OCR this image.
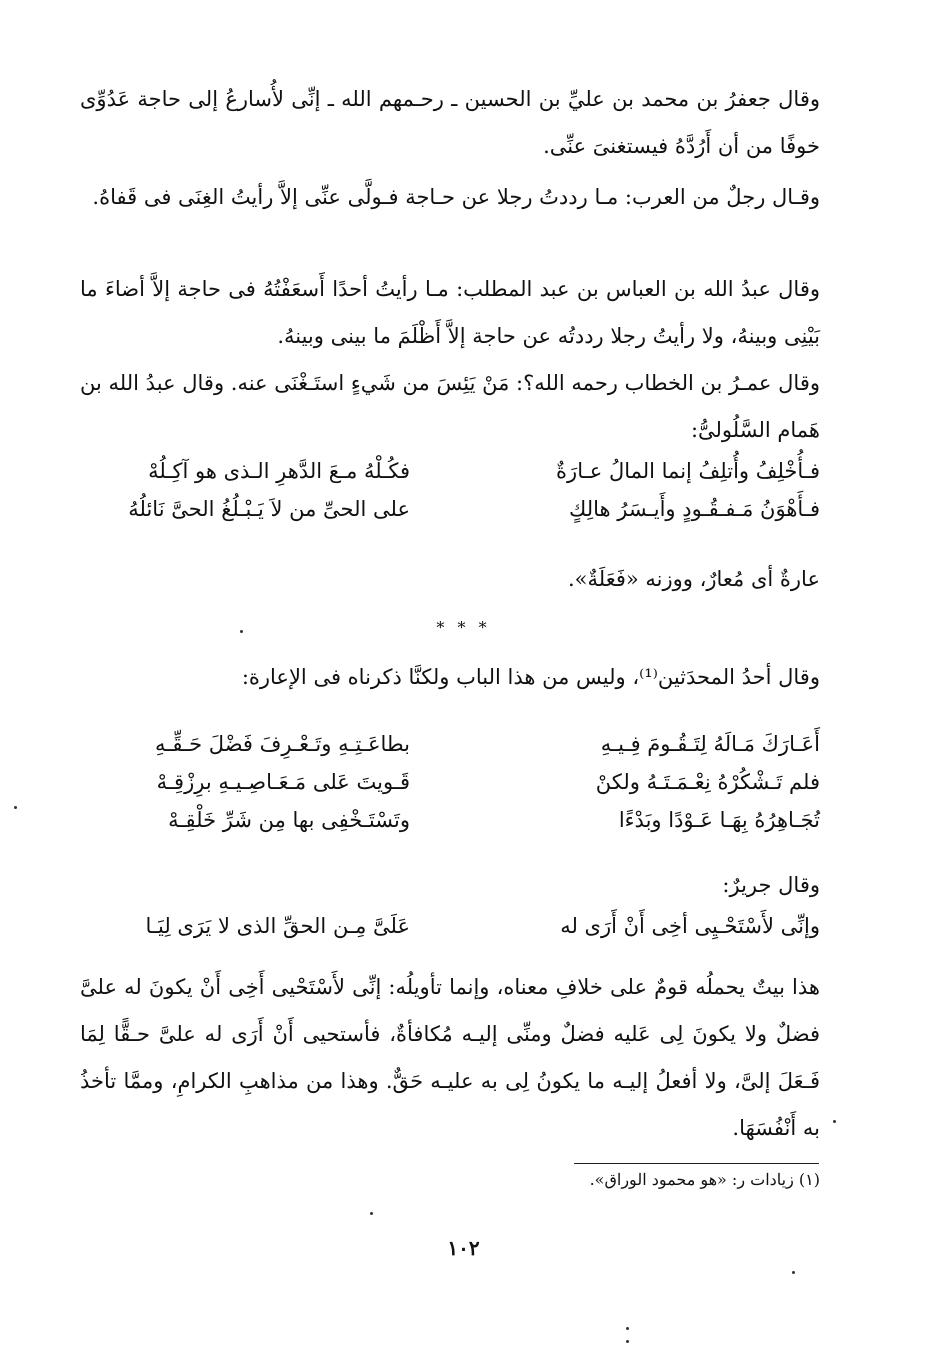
وقال جعفرُ بن محمد بن عليِّ بن الحسين ـ رحـمهم الله ـ إنِّى لأُسارعُ إلى حاجة عَدُوِّى خوفًا من أن أَرُدَّهُ فيستغنىَ عنِّى.

وقـال رجلٌ من العرب: مـا رددتُ رجلا عن حـاجة فـولَّى عنِّى إلاَّ رأيتُ الغِنَى فى قَفاهُ.

وقال عبدُ الله بن العباس بن عبد المطلب: مـا رأيتُ أحدًا أَسعَفْتُهُ فى حاجة إلاَّ أضاءَ ما بَيْنِى وبينهُ، ولا رأيتُ رجلا رددتُه عن حاجة إلاَّ أَظْلَمَ ما بينى وبينهُ.

وقال عمـرُ بن الخطاب رحمه الله؟: مَنْ يَئِسَ من شَيءٍ استَـغْنَى عنه. وقال عبدُ الله بن هَمام السَّلُولىُّ:

فـأُخْلِفُ وأُتلِفُ إنما المالُ عـارَةٌ
فكُـلْهُ مـعَ الدَّهرِ الـذى هو آكِـلُهْ
فـأَهْوَنُ مَـفـقُـودٍ وأَيـسَرُ هالِكٍ
على الحىِّ من لاَ يَـبْـلُغُ الحىَّ نَائلُهُ
عارةٌ أى مُعارٌ، ووزنه «فَعَلَةٌ».
* * *
وقال أحدُ المحدَثين⁽¹⁾، وليس من هذا الباب ولكنَّا ذكرناه فى الإعارة:
أَعَـارَكَ مَـالَهُ لِتَـقُـومَ فِـيـهِ
بطاعَـتِـهِ وتَـعْـرِفَ فَضْلَ حَـقِّـهِ
فلم تَـشْكُرْهُ نِعْـمَـتَـهُ ولكنْ
قَـويتَ عَلى مَـعَـاصِـيـهِ برِزْقِـهْ
تُجَـاهِرُهُ بِهَـا عَـوْدًا وبَدْءًا
وتَسْتَـخْفِى بها مِن شَرِّ خَلْقِـهْ
وقال جريرٌ:
وإنِّى لأَسْتَحْـيِى أخِى أَنْ أَرَى له
عَلَىَّ مِـن الحقِّ الذى لا يَرَى لِيَـا

هذا بيتٌ يحملُه قومٌ على خلافِ معناه، وإنما تأويلُه: إنِّى لأَسْتَحْيى أَخِى أَنْ يكونَ له علىَّ فضلٌ ولا يكونَ لِى عَليه فضلٌ ومنِّى إليـه مُكافأةٌ، فأستحيى أَنْ أَرَى له علىَّ حـقًّا لِمَا فَـعَلَ إلىَّ، ولا أفعلُ إليـه ما يكونُ لِى به عليـه حَقٌّ. وهذا من مذاهبِ الكرامِ، وممَّا تأخذُ به أَنْفُسَهَا.

(١) زيادات ر: «هو محمود الوراق».
١٠٢
